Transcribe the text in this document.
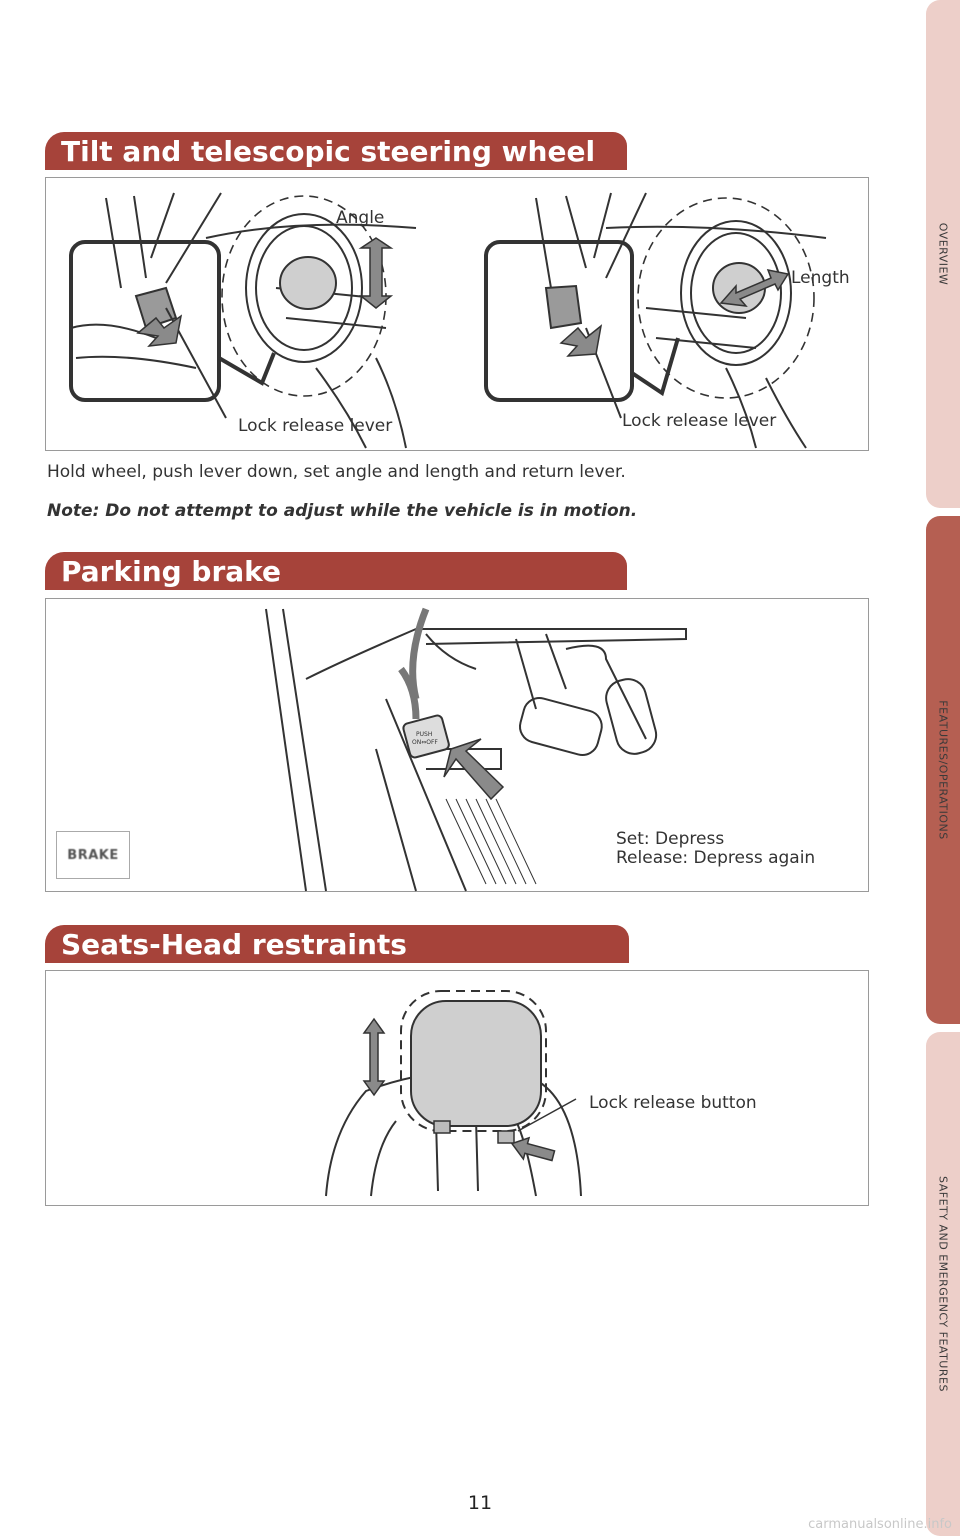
OVERVIEW
FEATURES/OPERATIONS
SAFETY AND EMERGENCY FEATURES
Tilt and telescopic steering wheel
Angle
Length
Lock release lever	Lock release lever
Hold wheel, push lever down, set angle and length and return lever.
Note: Do not attempt to adjust while the vehicle is in motion.
Parking brake
PUSH
ON⇔OFF
BRAKE
Set: Depress
Release: Depress again
Seats-Head restraints
Lock release button
11
carmanualsonline.info
